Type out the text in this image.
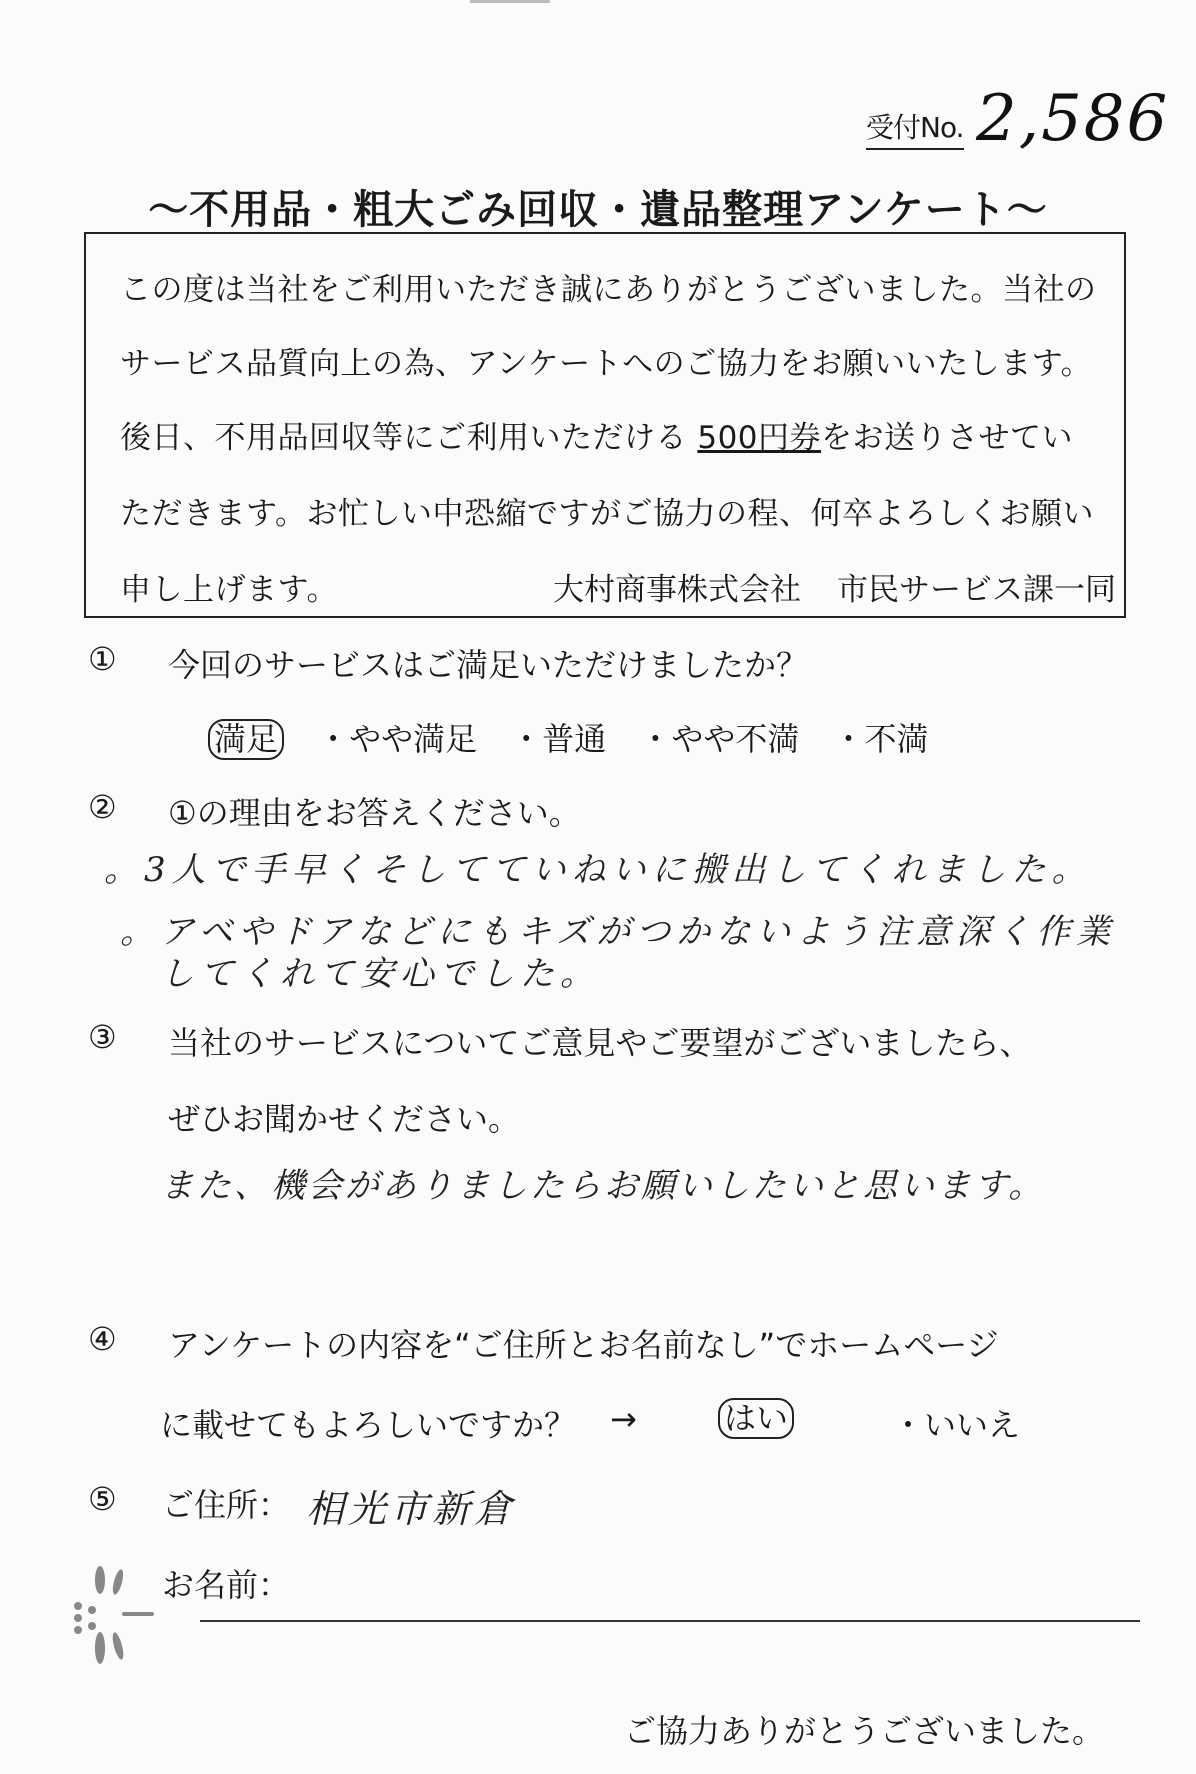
受付No. 2,586
～不用品・粗大ごみ回収・遺品整理アンケート～
この度は当社をご利用いただき誠にありがとうございました。当社の
サービス品質向上の為、アンケートへのご協力をお願いいたします。
後日、不用品回収等にご利用いただける 500円券をお送りさせてい
ただきます。お忙しい中恐縮ですがご協力の程、何卒よろしくお願い
申し上げます。	大村商事株式会社 市民サービス課一同
① 今回のサービスはご満足いただけましたか？
満足 ・やや満足 ・普通 ・やや不満 ・不満
② ①の理由をお答えください。
。3人で手早くそしてていねいに搬出してくれました。
。アベやドアなどにもキズがつかないよう注意深く作業
してくれて安心でした。
③ 当社のサービスについてご意見やご要望がございましたら、
ぜひお聞かせください。
また、機会がありましたらお願いしたいと思います。
④ アンケートの内容を“ご住所とお名前なし”でホームページ
に載せてもよろしいですか？ →	はい	・いいえ
⑤ ご住所： 相光市新倉
お名前：
ご協力ありがとうございました。
